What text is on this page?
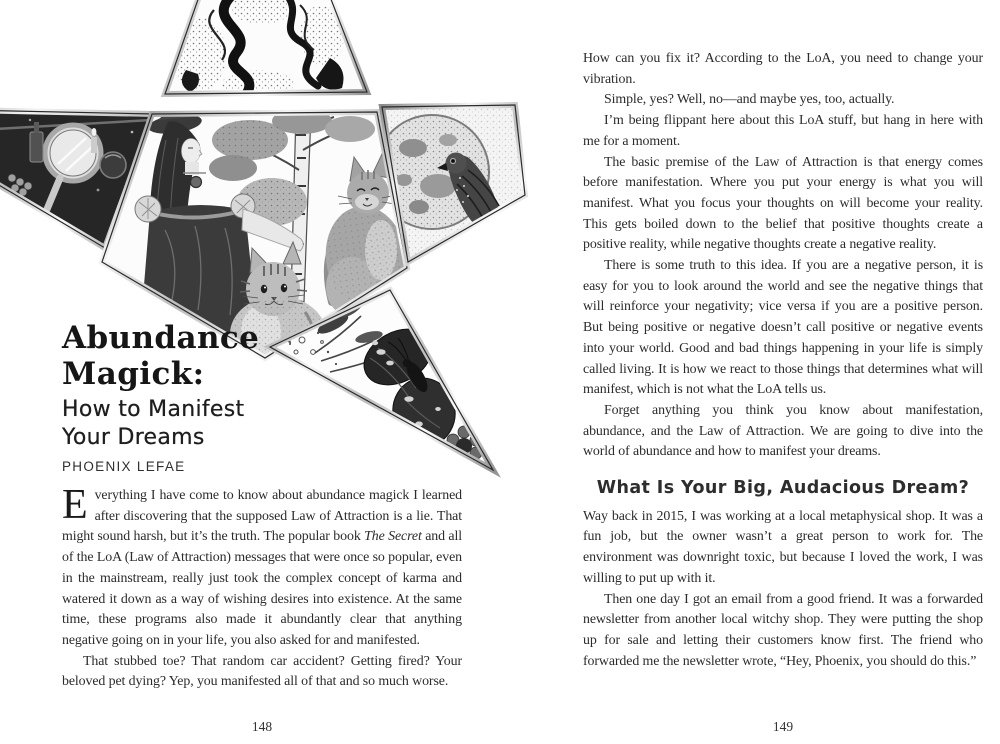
Abundance
Magick:
How to Manifest
Your Dreams
PHOENIX LEFAE

Everything I have come to know about abundance magick I learned after discovering that the supposed Law of Attraction is a lie. That might sound harsh, but it’s the truth. The popular book The Secret and all of the LoA (Law of Attraction) messages that were once so popular, even in the mainstream, really just took the complex concept of karma and watered it down as a way of wishing desires into existence. At the same time, these programs also made it abundantly clear that anything negative going on in your life, you also asked for and manifested.

That stubbed toe? That random car accident? Getting fired? Your beloved pet dying? Yep, you manifested all of that and so much worse.

148

How can you fix it? According to the LoA, you need to change your vibration.

Simple, yes? Well, no—and maybe yes, too, actually.

I’m being flippant here about this LoA stuff, but hang in here with me for a moment.

The basic premise of the Law of Attraction is that energy comes before manifestation. Where you put your energy is what you will manifest. What you focus your thoughts on will become your reality. This gets boiled down to the belief that positive thoughts create a positive reality, while negative thoughts create a negative reality.

There is some truth to this idea. If you are a negative person, it is easy for you to look around the world and see the negative things that will reinforce your negativity; vice versa if you are a positive person. But being positive or negative doesn’t call positive or negative events into your world. Good and bad things happening in your life is simply called living. It is how we react to those things that determines what will manifest, which is not what the LoA tells us.

Forget anything you think you know about manifestation, abundance, and the Law of Attraction. We are going to dive into the world of abundance and how to manifest your dreams.

What Is Your Big, Audacious Dream?

Way back in 2015, I was working at a local metaphysical shop. It was a fun job, but the owner wasn’t a great person to work for. The environment was downright toxic, but because I loved the work, I was willing to put up with it.

Then one day I got an email from a good friend. It was a forwarded newsletter from another local witchy shop. They were putting the shop up for sale and letting their customers know first. The friend who forwarded me the newsletter wrote, “Hey, Phoenix, you should do this.”

149
